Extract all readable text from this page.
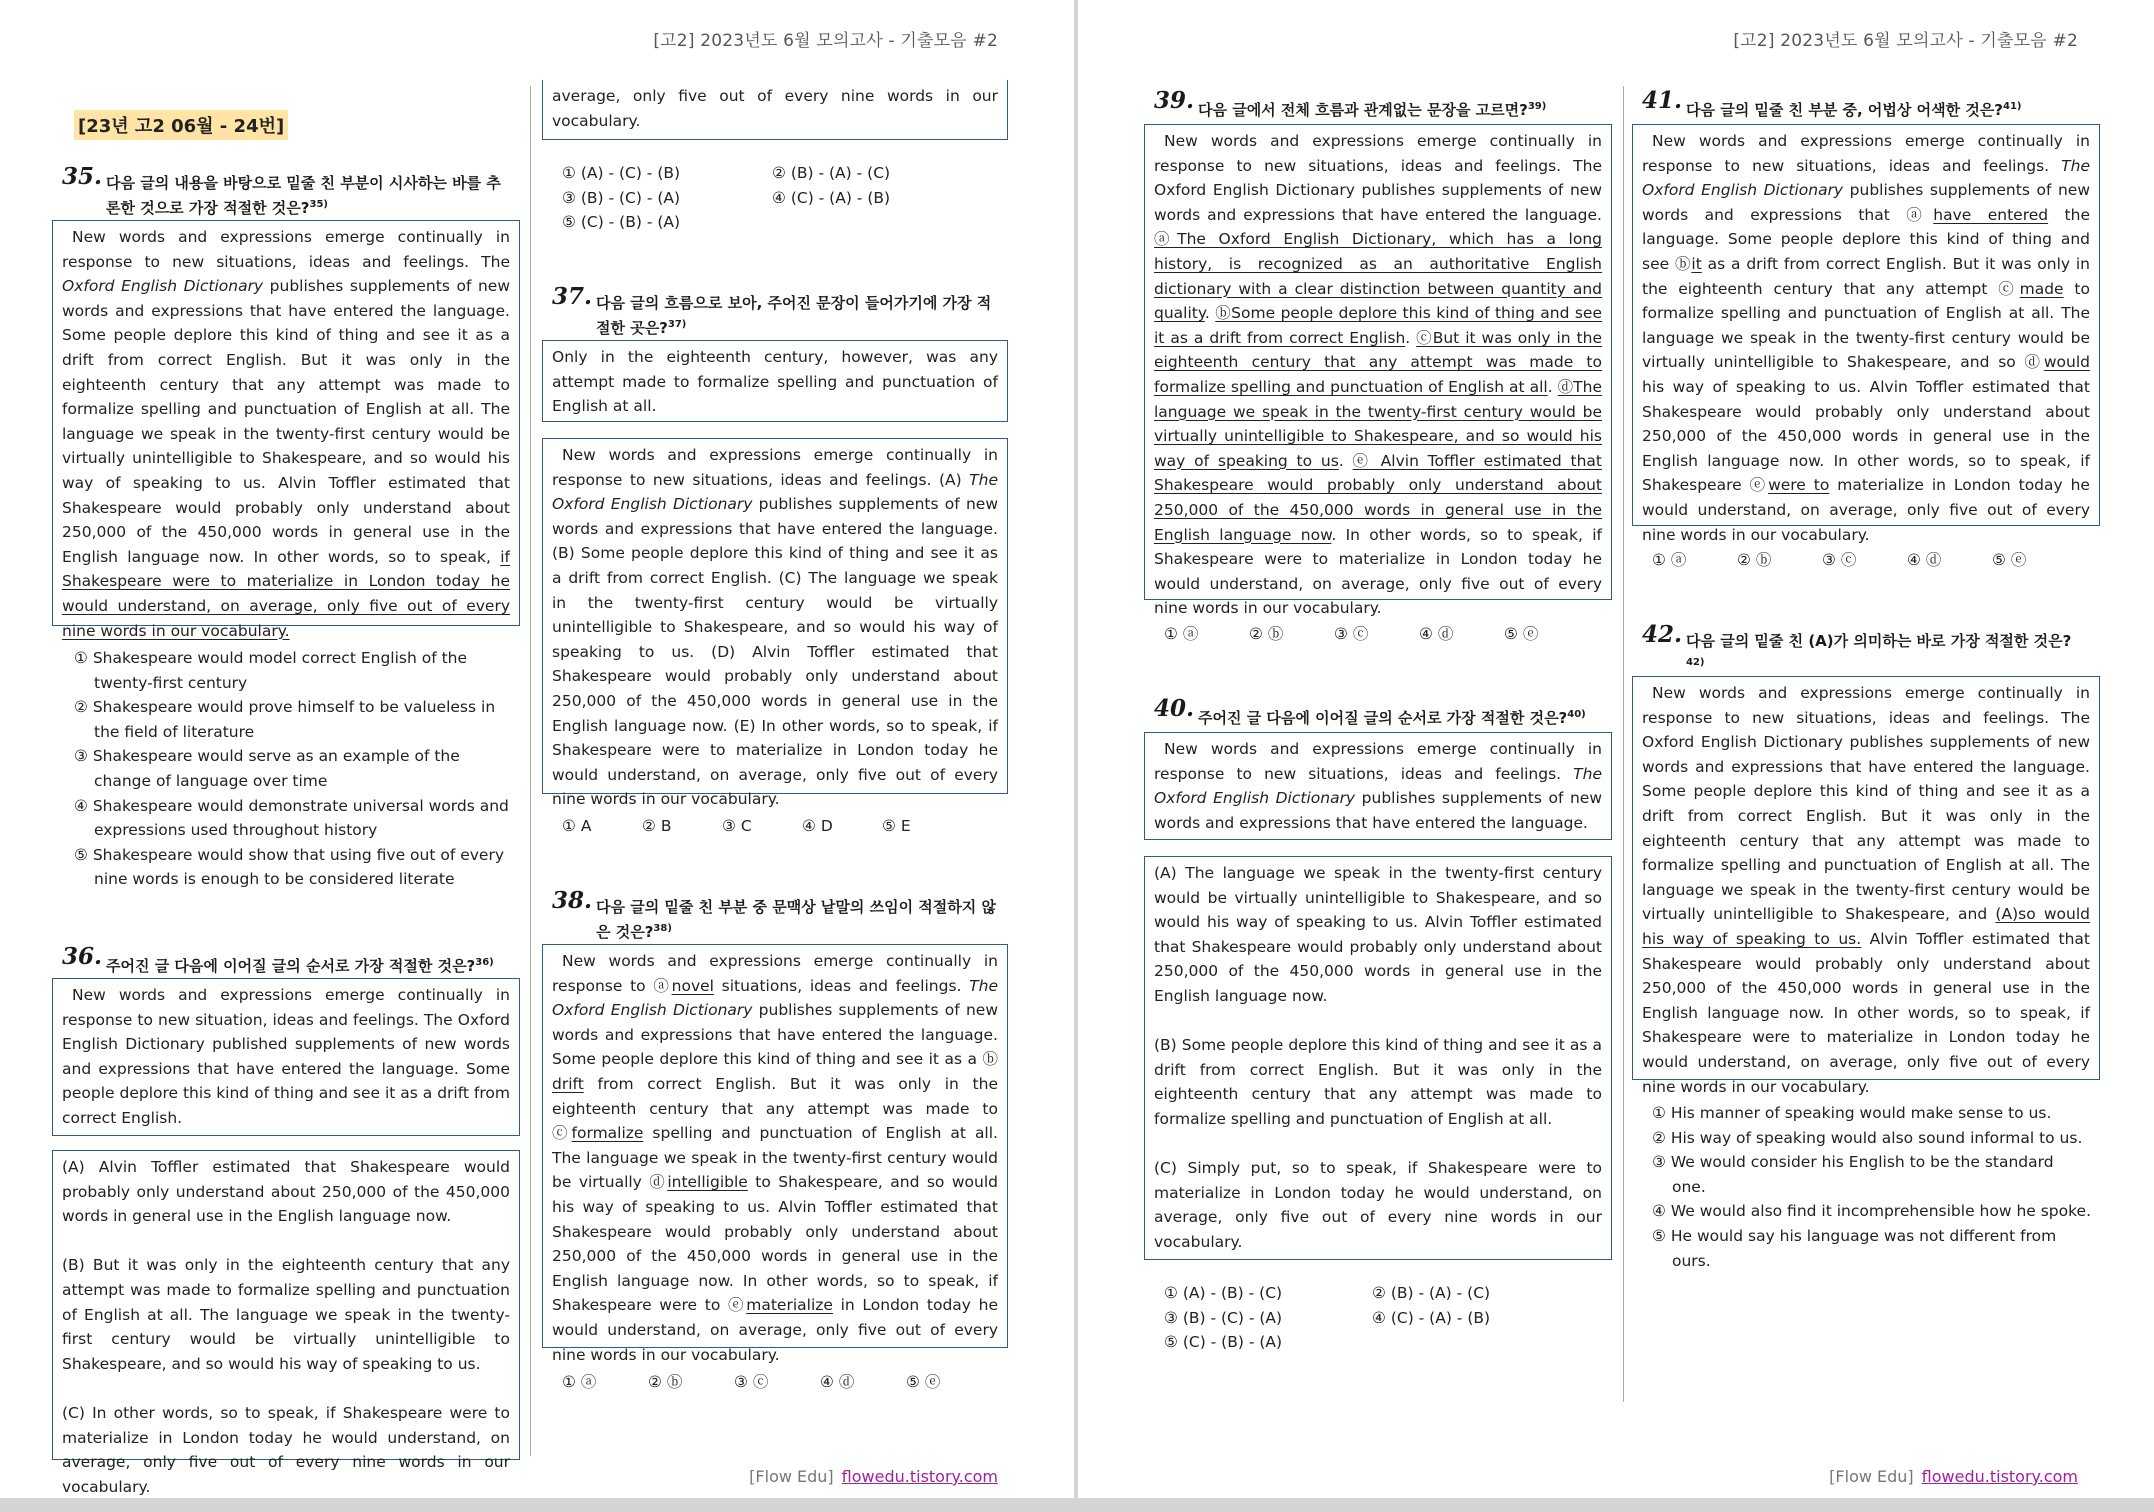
[고2] 2023년도 6월 모의고사 - 기출모음 #2
[23년 고2 06월 - 24번]
35. 다음 글의 내용을 바탕으로 밑줄 친 부분이 시사하는 바를 추론한 것으로 가장 적절한 것은?$^{35)}$

New words and expressions emerge continually in response to new situations, ideas and feelings. The Oxford English Dictionary publishes supplements of new words and expressions that have entered the language. Some people deplore this kind of thing and see it as a drift from correct English. But it was only in the eighteenth century that any attempt was made to formalize spelling and punctuation of English at all. The language we speak in the twenty-first century would be virtually unintelligible to Shakespeare, and so would his way of speaking to us. Alvin Toffler estimated that Shakespeare would probably only understand about 250,000 of the 450,000 words in general use in the English language now. In other words, so to speak, if Shakespeare were to materialize in London today he would understand, on average, only five out of every nine words in our vocabulary.

① Shakespeare would model correct English of the twenty-first century
② Shakespeare would prove himself to be valueless in the field of literature
③ Shakespeare would serve as an example of the change of language over time
④ Shakespeare would demonstrate universal words and expressions used throughout history
⑤ Shakespeare would show that using five out of every nine words is enough to be considered literate
36. 주어진 글 다음에 이어질 글의 순서로 가장 적절한 것은?$^{36)}$

New words and expressions emerge continually in response to new situation, ideas and feelings. The Oxford English Dictionary published supplements of new words and expressions that have entered the language. Some people deplore this kind of thing and see it as a drift from correct English.

(A) Alvin Toffler estimated that Shakespeare would probably only understand about 250,000 of the 450,000 words in general use in the English language now.

(B) But it was only in the eighteenth century that any attempt was made to formalize spelling and punctuation of English at all. The language we speak in the twenty-first century would be virtually unintelligible to Shakespeare, and so would his way of speaking to us.

(C) In other words, so to speak, if Shakespeare were to materialize in London today he would understand, on average, only five out of every nine words in our vocabulary.

average, only five out of every nine words in our vocabulary.

① (A) - (C) - (B)	② (B) - (A) - (C)
③ (B) - (C) - (A)	④ (C) - (A) - (B)
⑤ (C) - (B) - (A)
37. 다음 글의 흐름으로 보아, 주어진 문장이 들어가기에 가장 적절한 곳은?$^{37)}$

Only in the eighteenth century, however, was any attempt made to formalize spelling and punctuation of English at all.

New words and expressions emerge continually in response to new situations, ideas and feelings. (A) The Oxford English Dictionary publishes supplements of new words and expressions that have entered the language. (B) Some people deplore this kind of thing and see it as a drift from correct English. (C) The language we speak in the twenty-first century would be virtually unintelligible to Shakespeare, and so would his way of speaking to us. (D) Alvin Toffler estimated that Shakespeare would probably only understand about 250,000 of the 450,000 words in general use in the English language now. (E) In other words, so to speak, if Shakespeare were to materialize in London today he would understand, on average, only five out of every nine words in our vocabulary.

① A	② B	③ C	④ D	⑤ E
38. 다음 글의 밑줄 친 부분 중 문맥상 낱말의 쓰임이 적절하지 않은 것은?$^{38)}$

New words and expressions emerge continually in response to ⓐnovel situations, ideas and feelings. The Oxford English Dictionary publishes supplements of new words and expressions that have entered the language. Some people deplore this kind of thing and see it as a ⓑ drift from correct English. But it was only in the eighteenth century that any attempt was made to ⓒformalize spelling and punctuation of English at all. The language we speak in the twenty-first century would be virtually ⓓintelligible to Shakespeare, and so would his way of speaking to us. Alvin Toffler estimated that Shakespeare would probably only understand about 250,000 of the 450,000 words in general use in the English language now. In other words, so to speak, if Shakespeare were to ⓔmaterialize in London today he would understand, on average, only five out of every nine words in our vocabulary.

① ⓐ	② ⓑ	③ ⓒ	④ ⓓ	⑤ ⓔ
[Flow Edu] flowedu.tistory.com
[고2] 2023년도 6월 모의고사 - 기출모음 #2
39. 다음 글에서 전체 흐름과 관계없는 문장을 고르면?$^{39)}$

New words and expressions emerge continually in response to new situations, ideas and feelings. The Oxford English Dictionary publishes supplements of new words and expressions that have entered the language. ⓐThe Oxford English Dictionary, which has a long history, is recognized as an authoritative English dictionary with a clear distinction between quantity and quality. ⓑSome people deplore this kind of thing and see it as a drift from correct English. ⓒBut it was only in the eighteenth century that any attempt was made to formalize spelling and punctuation of English at all. ⓓThe language we speak in the twenty-first century would be virtually unintelligible to Shakespeare, and so would his way of speaking to us. ⓔ Alvin Toffler estimated that Shakespeare would probably only understand about 250,000 of the 450,000 words in general use in the English language now. In other words, so to speak, if Shakespeare were to materialize in London today he would understand, on average, only five out of every nine words in our vocabulary.

① ⓐ	② ⓑ	③ ⓒ	④ ⓓ	⑤ ⓔ
40. 주어진 글 다음에 이어질 글의 순서로 가장 적절한 것은?$^{40)}$

New words and expressions emerge continually in response to new situations, ideas and feelings. The Oxford English Dictionary publishes supplements of new words and expressions that have entered the language.

(A) The language we speak in the twenty-first century would be virtually unintelligible to Shakespeare, and so would his way of speaking to us. Alvin Toffler estimated that Shakespeare would probably only understand about 250,000 of the 450,000 words in general use in the English language now.

(B) Some people deplore this kind of thing and see it as a drift from correct English. But it was only in the eighteenth century that any attempt was made to formalize spelling and punctuation of English at all.

(C) Simply put, so to speak, if Shakespeare were to materialize in London today he would understand, on average, only five out of every nine words in our vocabulary.

① (A) - (B) - (C)	② (B) - (A) - (C)
③ (B) - (C) - (A)	④ (C) - (A) - (B)
⑤ (C) - (B) - (A)
41. 다음 글의 밑줄 친 부분 중, 어법상 어색한 것은?$^{41)}$

New words and expressions emerge continually in response to new situations, ideas and feelings. The Oxford English Dictionary publishes supplements of new words and expressions that ⓐhave entered the language. Some people deplore this kind of thing and see ⓑit as a drift from correct English. But it was only in the eighteenth century that any attempt ⓒmade to formalize spelling and punctuation of English at all. The language we speak in the twenty-first century would be virtually unintelligible to Shakespeare, and so ⓓwould his way of speaking to us. Alvin Toffler estimated that Shakespeare would probably only understand about 250,000 of the 450,000 words in general use in the English language now. In other words, so to speak, if Shakespeare ⓔwere to materialize in London today he would understand, on average, only five out of every nine words in our vocabulary.

① ⓐ	② ⓑ	③ ⓒ	④ ⓓ	⑤ ⓔ
42. 다음 글의 밑줄 친 (A)가 의미하는 바로 가장 적절한 것은?$^{42)}$

New words and expressions emerge continually in response to new situations, ideas and feelings. The Oxford English Dictionary publishes supplements of new words and expressions that have entered the language. Some people deplore this kind of thing and see it as a drift from correct English. But it was only in the eighteenth century that any attempt was made to formalize spelling and punctuation of English at all. The language we speak in the twenty-first century would be virtually unintelligible to Shakespeare, and (A)so would his way of speaking to us. Alvin Toffler estimated that Shakespeare would probably only understand about 250,000 of the 450,000 words in general use in the English language now. In other words, so to speak, if Shakespeare were to materialize in London today he would understand, on average, only five out of every nine words in our vocabulary.

① His manner of speaking would make sense to us.
② His way of speaking would also sound informal to us.
③ We would consider his English to be the standard one.
④ We would also find it incomprehensible how he spoke.
⑤ He would say his language was not different from ours.
[Flow Edu] flowedu.tistory.com
